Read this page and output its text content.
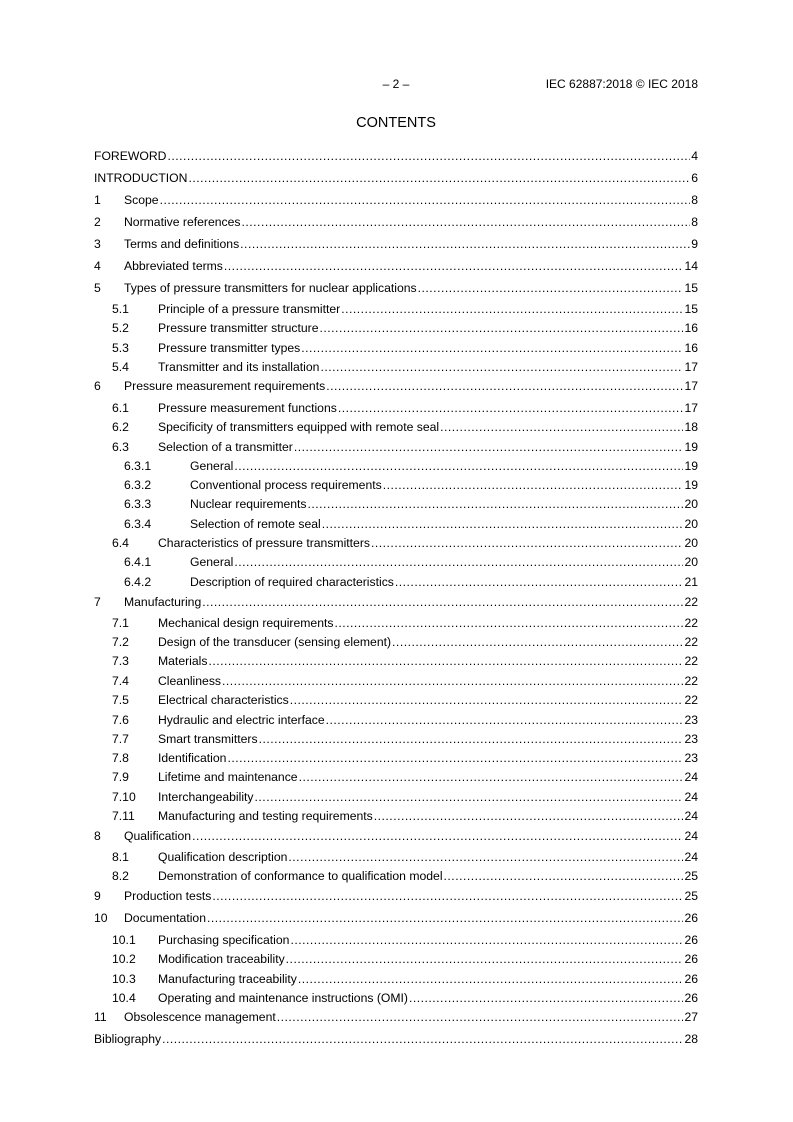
– 2 –	IEC 62887:2018 © IEC 2018
CONTENTS
FOREWORD .....	4
INTRODUCTION .....	6
1	Scope .....	8
2	Normative references .....	8
3	Terms and definitions .....	9
4	Abbreviated terms .....	14
5	Types of pressure transmitters for nuclear applications .....	15
5.1	Principle of a pressure transmitter .....	15
5.2	Pressure transmitter structure .....	16
5.3	Pressure transmitter types .....	16
5.4	Transmitter and its installation .....	17
6	Pressure measurement requirements .....	17
6.1	Pressure measurement functions .....	17
6.2	Specificity of transmitters equipped with remote seal .....	18
6.3	Selection of a transmitter .....	19
6.3.1	General .....	19
6.3.2	Conventional process requirements .....	19
6.3.3	Nuclear requirements .....	20
6.3.4	Selection of remote seal .....	20
6.4	Characteristics of pressure transmitters .....	20
6.4.1	General .....	20
6.4.2	Description of required characteristics .....	21
7	Manufacturing .....	22
7.1	Mechanical design requirements .....	22
7.2	Design of the transducer (sensing element) .....	22
7.3	Materials .....	22
7.4	Cleanliness .....	22
7.5	Electrical characteristics .....	22
7.6	Hydraulic and electric interface .....	23
7.7	Smart transmitters .....	23
7.8	Identification .....	23
7.9	Lifetime and maintenance .....	24
7.10	Interchangeability .....	24
7.11	Manufacturing and testing requirements .....	24
8	Qualification .....	24
8.1	Qualification description .....	24
8.2	Demonstration of conformance to qualification model .....	25
9	Production tests .....	25
10	Documentation .....	26
10.1	Purchasing specification .....	26
10.2	Modification traceability .....	26
10.3	Manufacturing traceability .....	26
10.4	Operating and maintenance instructions (OMI) .....	26
11	Obsolescence management .....	27
Bibliography .....	28
